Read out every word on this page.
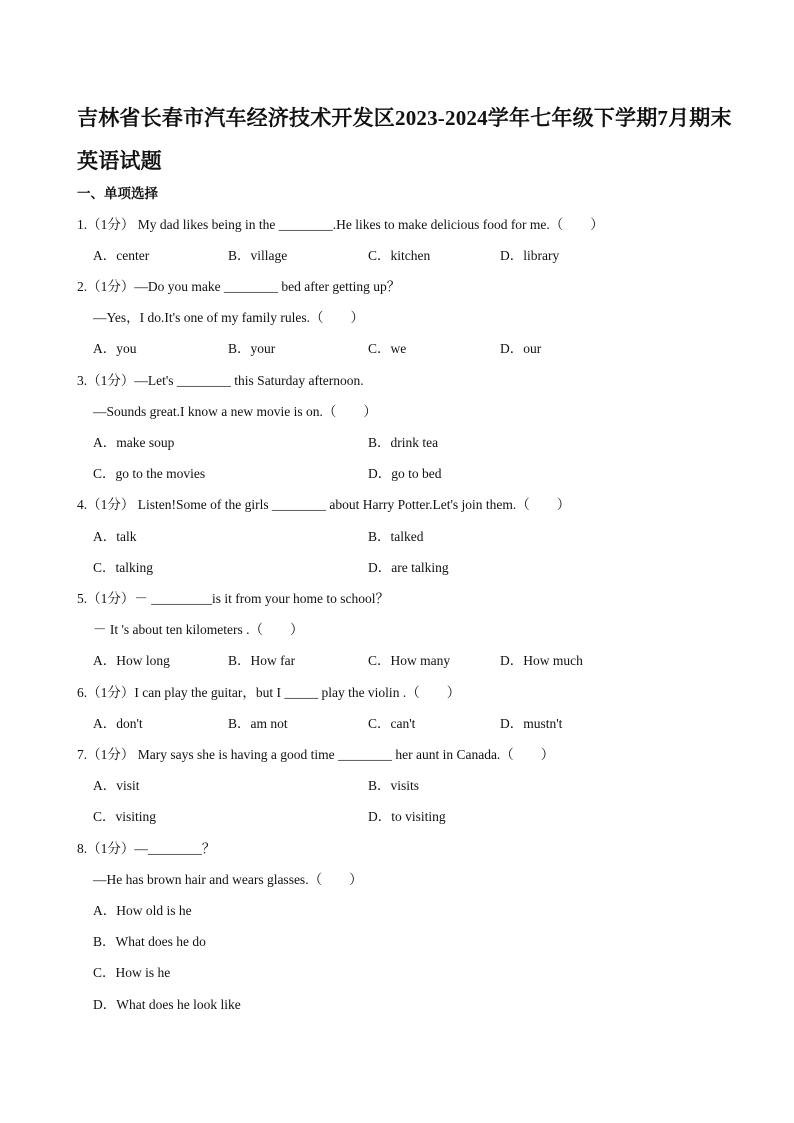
吉林省长春市汽车经济技术开发区2023-2024学年七年级下学期7月期末英语试题
一、单项选择
1.（1分） My dad likes being in the ________.He likes to make delicious food for me.（　　）
A．center	B．village	C．kitchen	D．library
2.（1分）—Do you make ________ bed after getting up？
—Yes，I do.It's one of my family rules.（　　）
A．you	B．your	C．we	D．our
3.（1分）—Let's ________ this Saturday afternoon.
—Sounds great.I know a new movie is on.（　　）
A．make soup	B．drink tea
C．go to the movies	D．go to bed
4.（1分） Listen!Some of the girls ________ about Harry Potter.Let's join them.（　　）
A．talk	B．talked
C．talking	D．are talking
5.（1分）－ _________is it from your home to school？
－ It 's about ten kilometers .（　　）
A．How long	B．How far	C．How many	D．How much
6.（1分）I can play the guitar，but I _____ play the violin .（　　）
A．don't	B．am not	C．can't	D．mustn't
7.（1分） Mary says she is having a good time ________ her aunt in Canada.（　　）
A．visit	B．visits
C．visiting	D．to visiting
8.（1分）—________？
—He has brown hair and wears glasses.（　　）
A．How old is he
B．What does he do
C．How is he
D．What does he look like
